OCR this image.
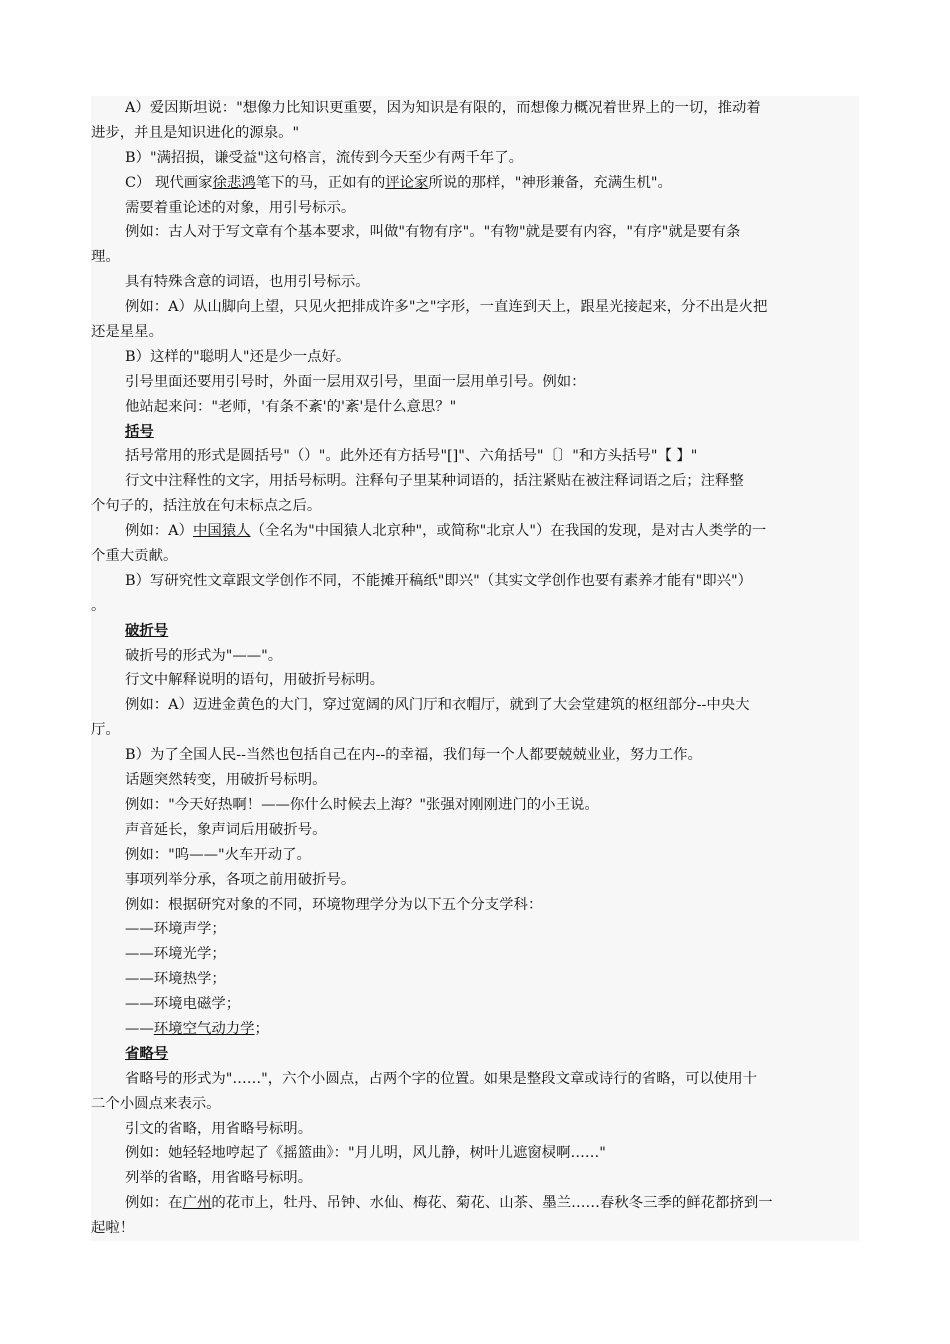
A）爱因斯坦说："想像力比知识更重要，因为知识是有限的，而想像力概况着世界上的一切，推动着
进步，并且是知识进化的源泉。"
B）"满招损，谦受益"这句格言，流传到今天至少有两千年了。
C） 现代画家徐悲鸿笔下的马，正如有的评论家所说的那样，"神形兼备，充满生机"。
需要着重论述的对象，用引号标示。
例如：古人对于写文章有个基本要求，叫做"有物有序"。"有物"就是要有内容，"有序"就是要有条
理。
具有特殊含意的词语，也用引号标示。
例如：A）从山脚向上望，只见火把排成许多"之"字形，一直连到天上，跟星光接起来，分不出是火把
还是星星。
B）这样的"聪明人"还是少一点好。
引号里面还要用引号时，外面一层用双引号，里面一层用单引号。例如：
他站起来问："老师，'有条不紊'的'紊'是什么意思？"
括号
括号常用的形式是圆括号"（）"。此外还有方括号"[]"、六角括号"〔〕"和方头括号"【 】"
行文中注释性的文字，用括号标明。注释句子里某种词语的，括注紧贴在被注释词语之后；注释整
个句子的，括注放在句末标点之后。
例如：A）中国猿人（全名为"中国猿人北京种"，或简称"北京人"）在我国的发现，是对古人类学的一
个重大贡献。
B）写研究性文章跟文学创作不同，不能摊开稿纸"即兴"（其实文学创作也要有素养才能有"即兴"）
。
破折号
破折号的形式为"——"。
行文中解释说明的语句，用破折号标明。
例如：A）迈进金黄色的大门，穿过宽阔的风门厅和衣帽厅，就到了大会堂建筑的枢纽部分--中央大
厅。
B）为了全国人民--当然也包括自己在内--的幸福，我们每一个人都要兢兢业业，努力工作。
话题突然转变，用破折号标明。
例如："今天好热啊！——你什么时候去上海？"张强对刚刚进门的小王说。
声音延长，象声词后用破折号。
例如："呜——"火车开动了。
事项列举分承，各项之前用破折号。
例如：根据研究对象的不同，环境物理学分为以下五个分支学科：
——环境声学；
——环境光学；
——环境热学；
——环境电磁学；
——环境空气动力学；
省略号
省略号的形式为"……"，六个小圆点，占两个字的位置。如果是整段文章或诗行的省略，可以使用十
二个小圆点来表示。
引文的省略，用省略号标明。
例如：她轻轻地哼起了《摇篮曲》："月儿明，风儿静，树叶儿遮窗棂啊……"
列举的省略，用省略号标明。
例如：在广州的花市上，牡丹、吊钟、水仙、梅花、菊花、山茶、墨兰……春秋冬三季的鲜花都挤到一
起啦！
